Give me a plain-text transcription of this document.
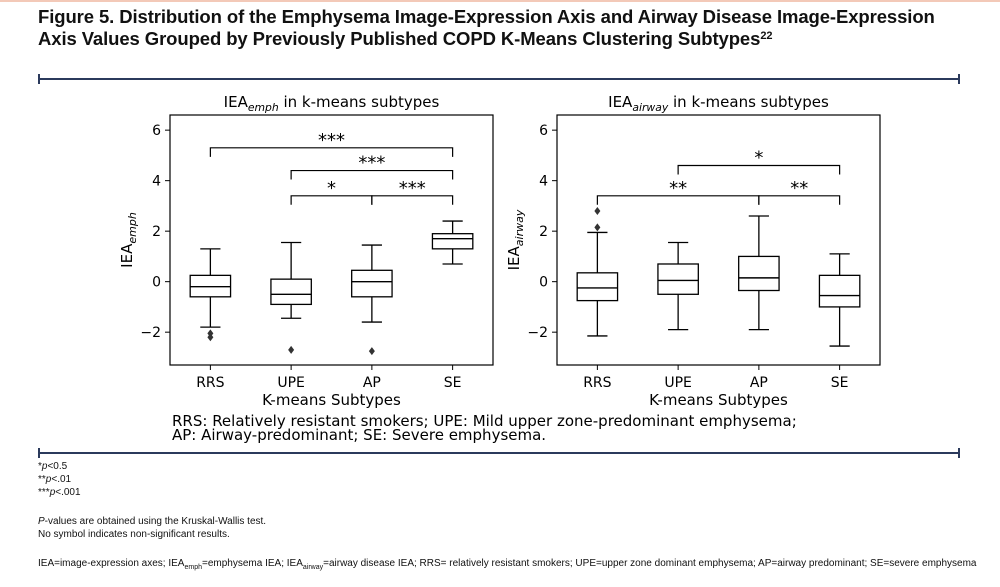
Figure 5. Distribution of the Emphysema Image-Expression Axis and Airway Disease Image-Expression Axis Values Grouped by Previously Published COPD K-Means Clustering Subtypes$^{22}$
$IEA_{emph}$ in k-means subtypes
−2
0
2
4
6
$IEA_{emph}$
RRS	UPE	AP	SE
K-means Subtypes
*	***
***
***
$IEA_{airway}$ in k-means subtypes
−2
0
2
4
6
$IEA_{airway}$
RRS	UPE	AP	SE
K-means Subtypes
**	**
*
RRS: Relatively resistant smokers; UPE: Mild upper zone-predominant emphysema;
AP: Airway-predominant; SE: Severe emphysema.
*p<0.5
**p<.01
***p<.001
P-values are obtained using the Kruskal-Wallis test.
No symbol indicates non-significant results.
IEA=image-expression axes; $IEA_{emph}=emphysema$ IEA; $IEA_{airway}=airway$ disease IEA; RRS= relatively resistant smokers; UPE=upper zone dominant emphysema; AP=airway predominant; SE=severe emphysema
